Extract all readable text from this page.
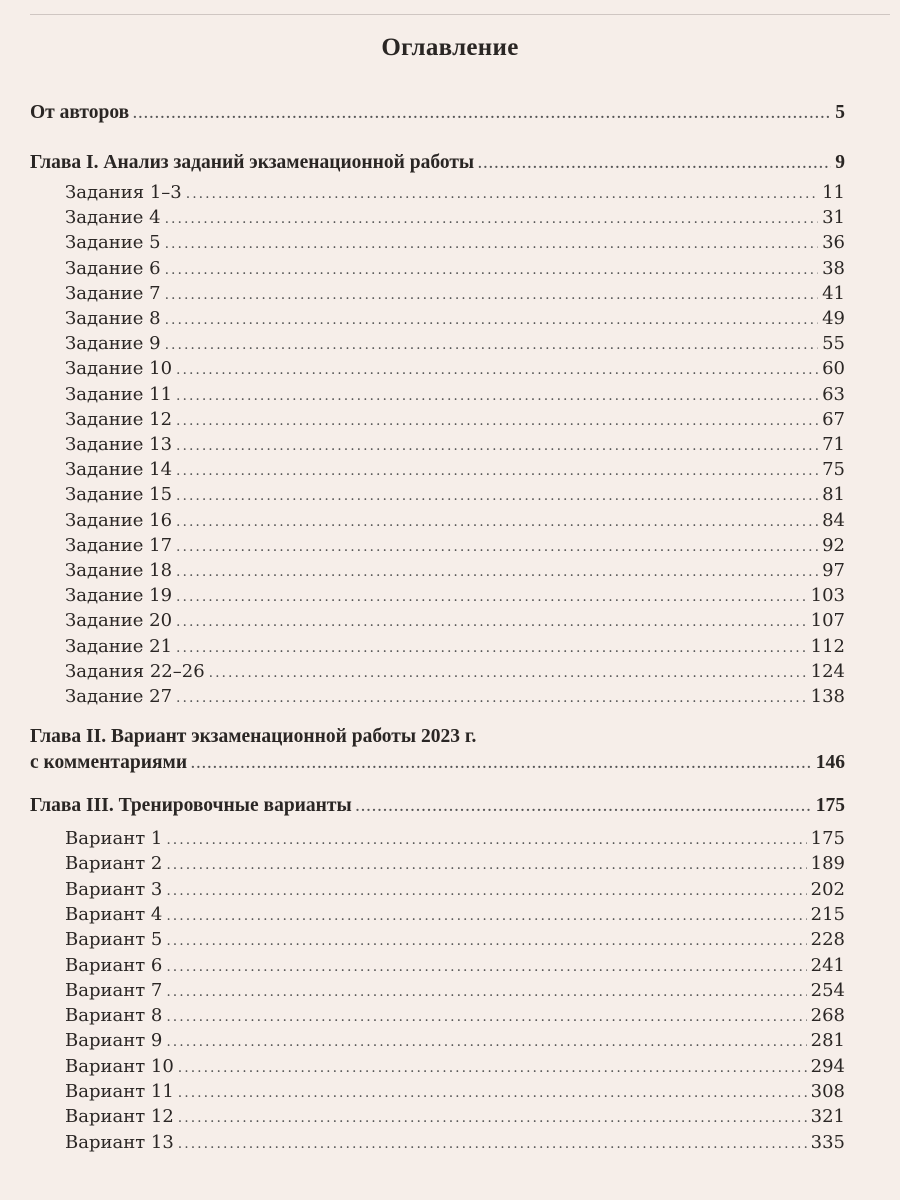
Оглавление
От авторов .....	5
Глава I. Анализ заданий экзаменационной работы .....	9
Задания 1–3 .....	11
Задание 4 .....	31
Задание 5 .....	36
Задание 6 .....	38
Задание 7 .....	41
Задание 8 .....	49
Задание 9 .....	55
Задание 10 .....	60
Задание 11 .....	63
Задание 12 .....	67
Задание 13 .....	71
Задание 14 .....	75
Задание 15 .....	81
Задание 16 .....	84
Задание 17 .....	92
Задание 18 .....	97
Задание 19 .....	103
Задание 20 .....	107
Задание 21 .....	112
Задания 22–26 .....	124
Задание 27 .....	138
Глава II. Вариант экзаменационной работы 2023 г.
с комментариями .....	146
Глава III. Тренировочные варианты .....	175
Вариант 1 .....	175
Вариант 2 .....	189
Вариант 3 .....	202
Вариант 4 .....	215
Вариант 5 .....	228
Вариант 6 .....	241
Вариант 7 .....	254
Вариант 8 .....	268
Вариант 9 .....	281
Вариант 10 .....	294
Вариант 11 .....	308
Вариант 12 .....	321
Вариант 13 .....	335
